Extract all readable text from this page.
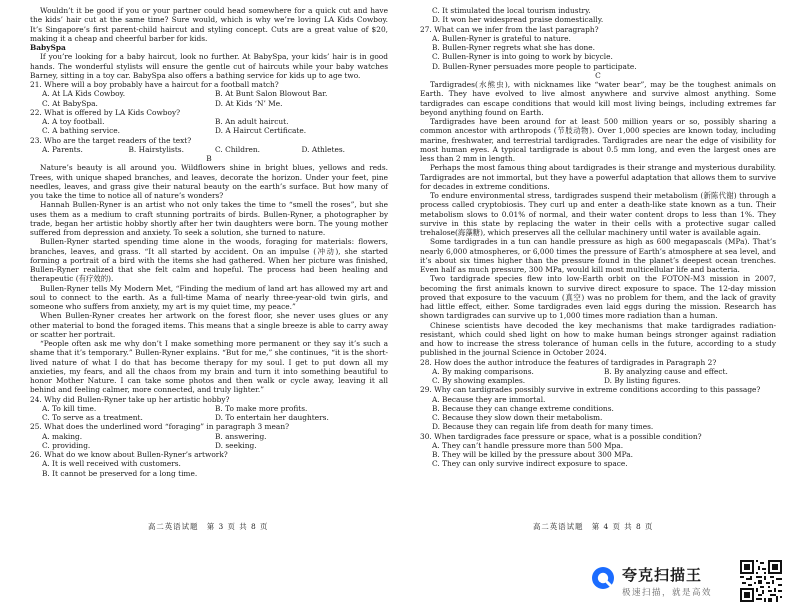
Wouldn’t it be good if you or your partner could head somewhere for a quick cut and have the kids’ hair cut at the same time? Sure would, which is why we’re loving LA Kids Cowboy. It’s Singapore’s first parent-child haircut and styling concept. Cuts are a great value of $20, making it a cheap and cheerful barber for kids.

BabySpa

If you’re looking for a baby haircut, look no further. At BabySpa, your kids’ hair is in good hands. The wonderful stylists will ensure the gentle cut of haircuts while your baby watches Barney, sitting in a toy car. BabySpa also offers a bathing service for kids up to age two.

21. Where will a boy probably have a haircut for a football match?

A. At LA Kids Cowboy.	B. At Bunt Salon Blowout Bar.
C. At BabySpa.	D. At Kids ‘N’ Me.

22. What is offered by LA Kids Cowboy?

A. A toy football.	B. An adult haircut.
C. A bathing service.	D. A Haircut Certificate.

23. Who are the target readers of the text?

A. Parents.	B. Hairstylists.	C. Children.	D. Athletes.

B

Nature’s beauty is all around you. Wildflowers shine in bright blues, yellows and reds. Trees, with unique shaped branches, and leaves, decorate the horizon. Under your feet, pine needles, leaves, and grass give their natural beauty on the earth’s surface. But how many of you take the time to notice all of nature’s wonders?

Hannah Bullen-Ryner is an artist who not only takes the time to “smell the roses”, but she uses them as a medium to craft stunning portraits of birds. Bullen-Ryner, a photographer by trade, began her artistic hobby shortly after her twin daughters were born. The young mother suffered from depression and anxiety. To seek a solution, she turned to nature.

Bullen-Ryner started spending time alone in the woods, foraging for materials: flowers, branches, leaves, and grass. “It all started by accident. On an impulse (冲动), she started forming a portrait of a bird with the items she had gathered. When her picture was finished, Bullen-Ryner realized that she felt calm and hopeful. The process had been healing and therapeutic (有疗效的).

Bullen-Ryner tells My Modern Met, “Finding the medium of land art has allowed my art and soul to connect to the earth. As a full-time Mama of nearly three-year-old twin girls, and someone who suffers from anxiety, my art is my quiet time, my peace.”

When Bullen-Ryner creates her artwork on the forest floor, she never uses glues or any other material to bond the foraged items. This means that a single breeze is able to carry away or scatter her portrait.

“People often ask me why don’t I make something more permanent or they say it’s such a shame that it’s temporary.” Bullen-Ryner explains. “But for me,” she continues, “it is the short-lived nature of what I do that has become therapy for my soul. I get to put down all my anxieties, my fears, and all the chaos from my brain and turn it into something beautiful to honor Mother Nature. I can take some photos and then walk or cycle away, leaving it all behind and feeling calmer, more connected, and truly lighter.”

24. Why did Bullen-Ryner take up her artistic hobby?

A. To kill time.	B. To make more profits.
C. To serve as a treatment.	D. To entertain her daughters.

25. What does the underlined word “foraging” in paragraph 3 mean?

A. making.	B. answering.
C. providing.	D. seeking.

26. What do we know about Bullen-Ryner’s artwork?

A. It is well received with customers.

B. It cannot be preserved for a long time.

C. It stimulated the local tourism industry.

D. It won her widespread praise domestically.

27. What can we infer from the last paragraph?

A. Bullen-Ryner is grateful to nature.

B. Bullen-Ryner regrets what she has done.

C. Bullen-Ryner is into going to work by bicycle.

D. Bullen-Ryner persuades more people to participate.

C

Tardigrades(水熊虫), with nicknames like “water bear”, may be the toughest animals on Earth. They have evolved to live almost anywhere and survive almost anything. Some tardigrades can escape conditions that would kill most living beings, including extremes far beyond anything found on Earth.

Tardigrades have been around for at least 500 million years or so, possibly sharing a common ancestor with arthropods (节肢动物). Over 1,000 species are known today, including marine, freshwater, and terrestrial tardigrades. Tardigrades are near the edge of visibility for most human eyes. A typical tardigrade is about 0.5 mm long, and even the largest ones are less than 2 mm in length.

Perhaps the most famous thing about tardigrades is their strange and mysterious durability. Tardigrades are not immortal, but they have a powerful adaptation that allows them to survive for decades in extreme conditions.

To endure environmental stress, tardigrades suspend their metabolism (新陈代谢) through a process called cryptobiosis. They curl up and enter a death-like state known as a tun. Their metabolism slows to 0.01% of normal, and their water content drops to less than 1%. They survive in this state by replacing the water in their cells with a protective sugar called trehalose(海藻糖), which preserves all the cellular machinery until water is available again.

Some tardigrades in a tun can handle pressure as high as 600 megapascals (MPa). That’s nearly 6,000 atmospheres, or 6,000 times the pressure of Earth’s atmosphere at sea level, and it’s about six times higher than the pressure found in the planet’s deepest ocean trenches. Even half as much pressure, 300 MPa, would kill most multicellular life and bacteria.

Two tardigrade species flew into low-Earth orbit on the FOTON-M3 mission in 2007, becoming the first animals known to survive direct exposure to space. The 12-day mission proved that exposure to the vacuum (真空) was no problem for them, and the lack of gravity had little effect, either. Some tardigrades even laid eggs during the mission. Research has shown tardigrades can survive up to 1,000 times more radiation than a human.

Chinese scientists have decoded the key mechanisms that make tardigrades radiation-resistant, which could shed light on how to make human beings stronger against radiation and how to increase the stress tolerance of human cells in the future, according to a study published in the journal Science in October 2024.

28. How does the author introduce the features of tardigrades in Paragraph 2?

A. By making comparisons.	B. By analyzing cause and effect.
C. By showing examples.	D. By listing figures.

29. Why can tardigrades possibly survive in extreme conditions according to this passage?

A. Because they are immortal.

B. Because they can change extreme conditions.

C. Because they slow down their metabolism.

D. Because they can regain life from death for many times.

30. When tardigrades face pressure or space, what is a possible condition?

A. They can’t handle pressure more than 500 Mpa.

B. They will be killed by the pressure about 300 MPa.

C. They can only survive indirect exposure to space.

高二英语试题　第 3 页 共 8 页	高二英语试题　第 4 页 共 8 页
夸克扫描王
极速扫描，就是高效
